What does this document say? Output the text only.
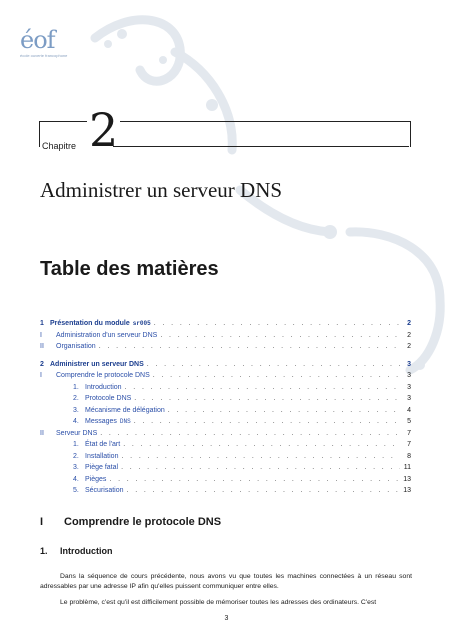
éof
école ouverte francophone
Chapitre 2
Administrer un serveur DNS
Table des matières
1 Présentation du module sr005 . . .	2
I	Administration d'un serveur DNS . . .	2
II	Organisation . . .	2
2 Administrer un serveur DNS . . .	3
I	Comprendre le protocole DNS . . .	3
1. Introduction . . .	3
2. Protocole DNS . . .	3
3. Mécanisme de délégation . . .	4
4. Messages DNS . . .	5
II	Serveur DNS . . .	7
1. État de l'art . . .	7
2. Installation . . .	8
3. Piège fatal . . .	11
4. Pièges . . .	13
5. Sécurisation . . .	13
I Comprendre le protocole DNS
1. Introduction
Dans la séquence de cours précédente, nous avons vu que toutes les machines connectées à un réseau sont adressables par une adresse IP afin qu'elles puissent communiquer entre elles.
Le problème, c'est qu'il est difficilement possible de mémoriser toutes les adresses des ordinateurs. C'est
3
